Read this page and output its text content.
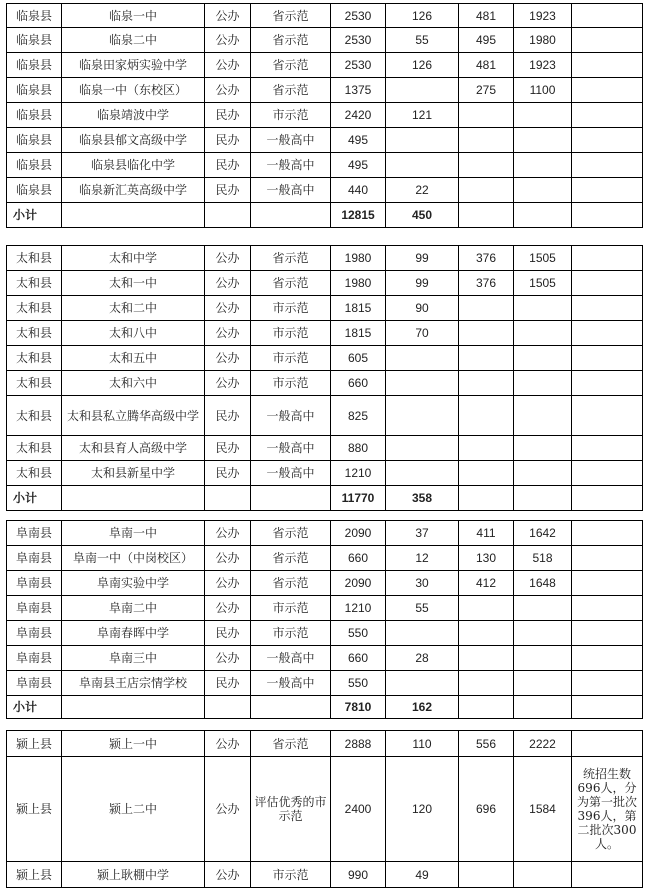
临泉县	临泉一中	公办	省示范	2530	126	481	1923	
临泉县	临泉二中	公办	省示范	2530	55	495	1980	
临泉县	临泉田家炳实验中学	公办	省示范	2530	126	481	1923	
临泉县	临泉一中（东校区）	公办	省示范	1375		275	1100	
临泉县	临泉靖波中学	民办	市示范	2420	121			
临泉县	临泉县郁文高级中学	民办	一般高中	495				
临泉县	临泉县临化中学	民办	一般高中	495				
临泉县	临泉新汇英高级中学	民办	一般高中	440	22			
小计				12815	450			
太和县	太和中学	公办	省示范	1980	99	376	1505	
太和县	太和一中	公办	省示范	1980	99	376	1505	
太和县	太和二中	公办	市示范	1815	90			
太和县	太和八中	公办	市示范	1815	70			
太和县	太和五中	公办	市示范	605				
太和县	太和六中	公办	市示范	660				
太和县	太和县私立腾华高级中学	民办	一般高中	825				
太和县	太和县育人高级中学	民办	一般高中	880				
太和县	太和县新星中学	民办	一般高中	1210				
小计				11770	358			
阜南县	阜南一中	公办	省示范	2090	37	411	1642	
阜南县	阜南一中（中岗校区）	公办	省示范	660	12	130	518	
阜南县	阜南实验中学	公办	省示范	2090	30	412	1648	
阜南县	阜南二中	公办	市示范	1210	55			
阜南县	阜南春晖中学	民办	市示范	550				
阜南县	阜南三中	公办	一般高中	660	28			
阜南县	阜南县王店宗情学校	民办	一般高中	550				
小计				7810	162			
颍上县	颍上一中	公办	省示范	2888	110	556	2222	
颍上县	颍上二中	公办	评估优秀的市示范	2400	120	696	1584	统招生数696人，分为第一批次396人，第二批次300人。
颍上县	颍上耿棚中学	公办	市示范	990	49			
